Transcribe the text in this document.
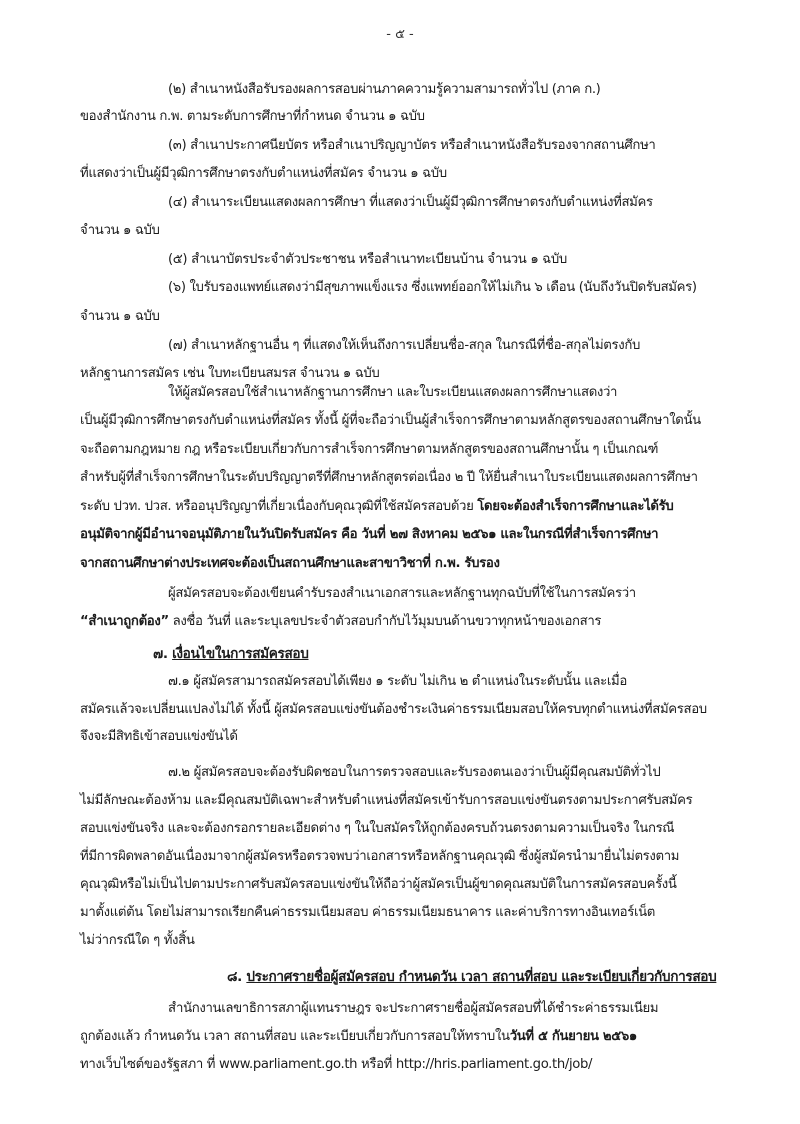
- ๕ -
(๒) สำเนาหนังสือรับรองผลการสอบผ่านภาคความรู้ความสามารถทั่วไป (ภาค ก.)
ของสำนักงาน ก.พ. ตามระดับการศึกษาที่กำหนด จำนวน ๑ ฉบับ
(๓) สำเนาประกาศนียบัตร หรือสำเนาปริญญาบัตร หรือสำเนาหนังสือรับรองจากสถานศึกษา
ที่แสดงว่าเป็นผู้มีวุฒิการศึกษาตรงกับตำแหน่งที่สมัคร จำนวน ๑ ฉบับ
(๔) สำเนาระเบียนแสดงผลการศึกษา ที่แสดงว่าเป็นผู้มีวุฒิการศึกษาตรงกับตำแหน่งที่สมัคร
จำนวน ๑ ฉบับ
(๕) สำเนาบัตรประจำตัวประชาชน หรือสำเนาทะเบียนบ้าน จำนวน ๑ ฉบับ
(๖) ใบรับรองแพทย์แสดงว่ามีสุขภาพแข็งแรง ซึ่งแพทย์ออกให้ไม่เกิน ๖ เดือน (นับถึงวันปิดรับสมัคร)
จำนวน ๑ ฉบับ
(๗) สำเนาหลักฐานอื่น ๆ ที่แสดงให้เห็นถึงการเปลี่ยนชื่อ-สกุล ในกรณีที่ชื่อ-สกุลไม่ตรงกับ
หลักฐานการสมัคร เช่น ใบทะเบียนสมรส จำนวน ๑ ฉบับ
ให้ผู้สมัครสอบใช้สำเนาหลักฐานการศึกษา และใบระเบียนแสดงผลการศึกษาแสดงว่า
เป็นผู้มีวุฒิการศึกษาตรงกับตำแหน่งที่สมัคร ทั้งนี้ ผู้ที่จะถือว่าเป็นผู้สำเร็จการศึกษาตามหลักสูตรของสถานศึกษาใดนั้น
จะถือตามกฎหมาย กฎ หรือระเบียบเกี่ยวกับการสำเร็จการศึกษาตามหลักสูตรของสถานศึกษานั้น ๆ เป็นเกณฑ์
สำหรับผู้ที่สำเร็จการศึกษาในระดับปริญญาตรีที่ศึกษาหลักสูตรต่อเนื่อง ๒ ปี ให้ยื่นสำเนาใบระเบียนแสดงผลการศึกษา
ระดับ ปวท. ปวส. หรืออนุปริญญาที่เกี่ยวเนื่องกับคุณวุฒิที่ใช้สมัครสอบด้วย โดยจะต้องสำเร็จการศึกษาและได้รับ
อนุมัติจากผู้มีอำนาจอนุมัติภายในวันปิดรับสมัคร คือ วันที่ ๒๗ สิงหาคม ๒๕๖๑ และในกรณีที่สำเร็จการศึกษา
จากสถานศึกษาต่างประเทศจะต้องเป็นสถานศึกษาและสาขาวิชาที่ ก.พ. รับรอง
ผู้สมัครสอบจะต้องเขียนคำรับรองสำเนาเอกสารและหลักฐานทุกฉบับที่ใช้ในการสมัครว่า
“สำเนาถูกต้อง” ลงชื่อ วันที่ และระบุเลขประจำตัวสอบกำกับไว้มุมบนด้านขวาทุกหน้าของเอกสาร
๗. เงื่อนไขในการสมัครสอบ
๗.๑ ผู้สมัครสามารถสมัครสอบได้เพียง ๑ ระดับ ไม่เกิน ๒ ตำแหน่งในระดับนั้น และเมื่อ
สมัครแล้วจะเปลี่ยนแปลงไม่ได้ ทั้งนี้ ผู้สมัครสอบแข่งขันต้องชำระเงินค่าธรรมเนียมสอบให้ครบทุกตำแหน่งที่สมัครสอบ
จึงจะมีสิทธิเข้าสอบแข่งขันได้
๗.๒ ผู้สมัครสอบจะต้องรับผิดชอบในการตรวจสอบและรับรองตนเองว่าเป็นผู้มีคุณสมบัติทั่วไป
ไม่มีลักษณะต้องห้าม และมีคุณสมบัติเฉพาะสำหรับตำแหน่งที่สมัครเข้ารับการสอบแข่งขันตรงตามประกาศรับสมัคร
สอบแข่งขันจริง และจะต้องกรอกรายละเอียดต่าง ๆ ในใบสมัครให้ถูกต้องครบถ้วนตรงตามความเป็นจริง ในกรณี
ที่มีการผิดพลาดอันเนื่องมาจากผู้สมัครหรือตรวจพบว่าเอกสารหรือหลักฐานคุณวุฒิ ซึ่งผู้สมัครนำมายื่นไม่ตรงตาม
คุณวุฒิหรือไม่เป็นไปตามประกาศรับสมัครสอบแข่งขันให้ถือว่าผู้สมัครเป็นผู้ขาดคุณสมบัติในการสมัครสอบครั้งนี้
มาตั้งแต่ต้น โดยไม่สามารถเรียกคืนค่าธรรมเนียมสอบ ค่าธรรมเนียมธนาคาร และค่าบริการทางอินเทอร์เน็ต
ไม่ว่ากรณีใด ๆ ทั้งสิ้น
๘. ประกาศรายชื่อผู้สมัครสอบ กำหนดวัน เวลา สถานที่สอบ และระเบียบเกี่ยวกับการสอบ
สำนักงานเลขาธิการสภาผู้แทนราษฎร จะประกาศรายชื่อผู้สมัครสอบที่ได้ชำระค่าธรรมเนียม
ถูกต้องแล้ว กำหนดวัน เวลา สถานที่สอบ และระเบียบเกี่ยวกับการสอบให้ทราบในวันที่ ๕ กันยายน ๒๕๖๑
ทางเว็บไซต์ของรัฐสภา ที่ www.parliament.go.th หรือที่ http://hris.parliament.go.th/job/
